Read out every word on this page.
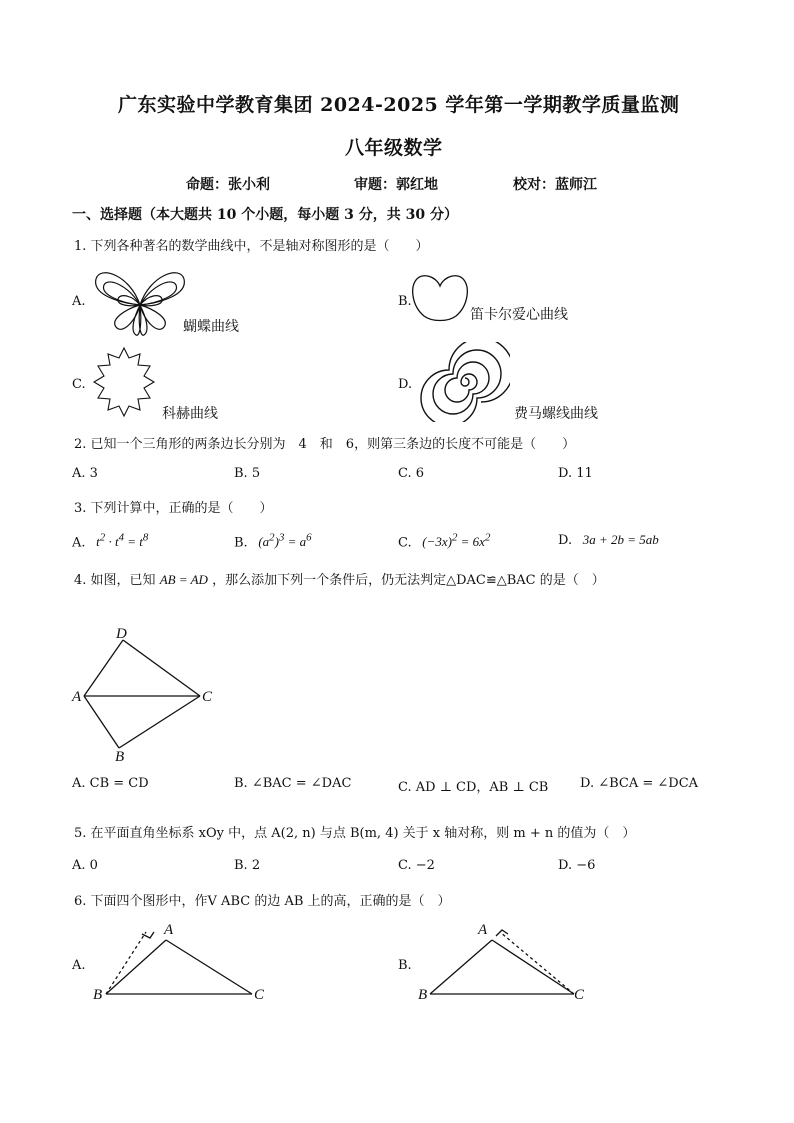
广东实验中学教育集团 2024-2025 学年第一学期教学质量监测
八年级数学
命题：张小利	审题：郭红地	校对：蓝师江
一、选择题（本大题共 10 个小题，每小题 3 分，共 30 分）
1. 下列各种著名的数学曲线中，不是轴对称图形的是（　　）
A.
蝴蝶曲线
B.
笛卡尔爱心曲线
C.
科赫曲线
D.
费马螺线曲线
2. 已知一个三角形的两条边长分别为　4　和　6，则第三条边的长度不可能是（　　）
A. 3	B. 5	C. 6	D. 11
3. 下列计算中，正确的是（　　）
A.   $t^2 \cdot t^4 = t^8$	B.   $(a^2)^3 = a^6$	C.   $(-3x)^2 = 6x^2$	D.   3a + 2b = 5ab
4. 如图，已知 AB = AD ，那么添加下列一个条件后，仍无法判定△DAC≌△BAC 的是（　）
D
A	C
B
A. CB = CD	B. ∠BAC = ∠DAC	C. AD ⊥ CD，AB ⊥ CB D. ∠BCA = ∠DCA
5. 在平面直角坐标系 xOy 中，点 A(2, n) 与点 B(m, 4) 关于 x 轴对称，则 m + n 的值为（　）
A. 0	B. 2	C. −2	D. −6
6. 下面四个图形中，作V ABC 的边 AB 上的高，正确的是（　）
A.
A
B	C
B.
A
B	C
